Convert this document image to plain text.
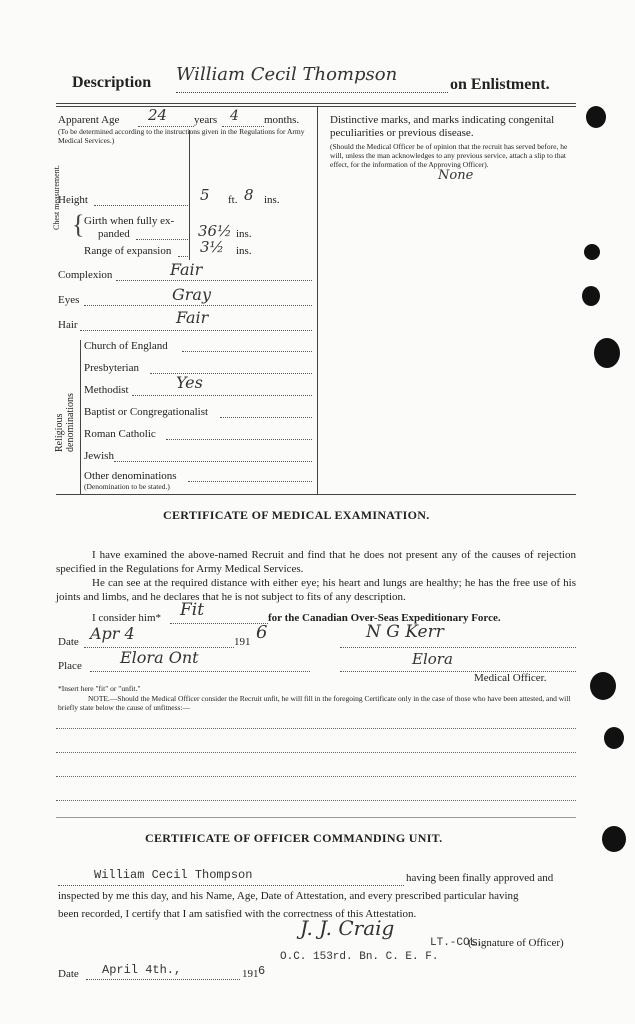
Description William Cecil Thompson	on Enlistment.
Apparent Age 24 years 4 months.
(To be determined according to the instructions given in the Regulations for Army Medical Services.)
Height	5 ft. 8 ins.
Chest measurement. { Girth when fully ex-
panded	36½ ins.
Range of expansion 3½ ins.
Complexion	Fair
Eyes	Gray
Hair	Fair
Religious denominations
Church of England
Presbyterian
Methodist	Yes
Baptist or Congregationalist
Roman Catholic
Jewish
Other denominations
(Denomination to be stated.)
Distinctive marks, and marks indicating congenital
peculiarities or previous disease.
(Should the Medical Officer be of opinion that the recruit has served before, he will, unless the man acknowledges to any previous service, attach a slip to that effect, for the information of the Approving Officer).
None
CERTIFICATE OF MEDICAL EXAMINATION.
I have examined the above-named Recruit and find that he does not present any of the causes of rejection specified in the Regulations for Army Medical Services.
He can see at the required distance with either eye; his heart and lungs are healthy; he has the free use of his joints and limbs, and he declares that he is not subject to fits of any description.
I consider him* Fit	for the Canadian Over-Seas Expeditionary Force.
Date Apr 4	191 6	N G Kerr
Place Elora Ont	Elora
Medical Officer.
*Insert here "fit" or "unfit."
NOTE.—Should the Medical Officer consider the Recruit unfit, he will fill in the foregoing Certificate only in the case of those who have been attested, and will briefly state below the cause of unfitness:—
CERTIFICATE OF OFFICER COMMANDING UNIT.
William Cecil Thompson	having been finally approved and
inspected by me this day, and his Name, Age, Date of Attestation, and every prescribed particular having
been recorded, I certify that I am satisfied with the correctness of this Attestation.
J. J. Craig
LT.-COL.
(Signature of Officer)
O.C. 153rd. Bn. C. E. F.
Date April 4th.,	191 6
